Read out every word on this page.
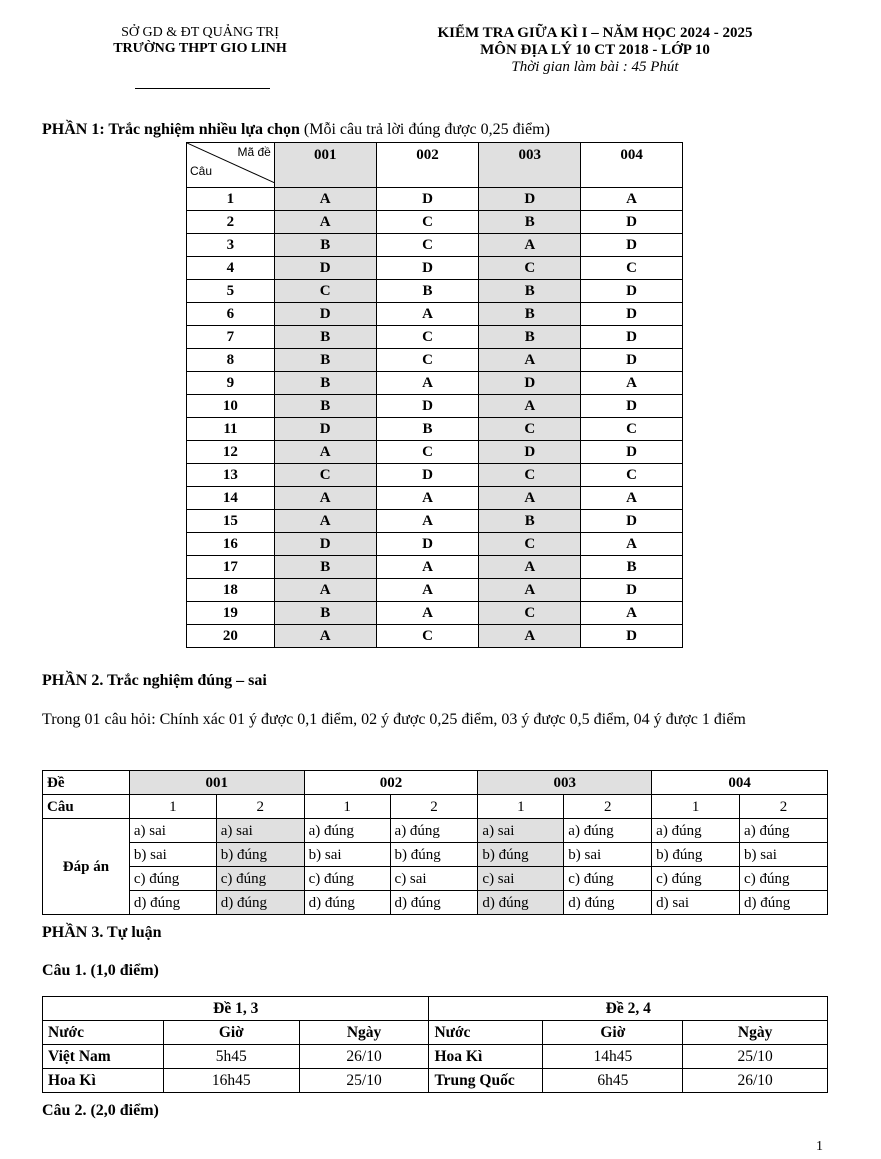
SỞ GD & ĐT QUẢNG TRỊ
TRƯỜNG THPT GIO LINH
KIỂM TRA GIỮA KÌ I – NĂM HỌC 2024 - 2025
MÔN ĐỊA LÝ 10 CT 2018 - LỚP 10
Thời gian làm bài : 45 Phút
PHẦN 1: Trắc nghiệm nhiều lựa chọn (Mỗi câu trả lời đúng được 0,25 điểm)
Mã đề
Câu	001	002	003	004
1	A	D	D	A
2	A	C	B	D
3	B	C	A	D
4	D	D	C	C
5	C	B	B	D
6	D	A	B	D
7	B	C	B	D
8	B	C	A	D
9	B	A	D	A
10	B	D	A	D
11	D	B	C	C
12	A	C	D	D
13	C	D	C	C
14	A	A	A	A
15	A	A	B	D
16	D	D	C	A
17	B	A	A	B
18	A	A	A	D
19	B	A	C	A
20	A	C	A	D
PHẦN 2. Trắc nghiệm đúng – sai
Trong 01 câu hỏi: Chính xác 01 ý được 0,1 điểm, 02 ý được 0,25 điểm, 03 ý được 0,5 điểm, 04 ý được 1 điểm
Đề	001		002		003		004	
Câu	1	2	1	2	1	2	1	2
Đáp án	a) sai	a) sai	a) đúng	a) đúng	a) sai	a) đúng	a) đúng	a) đúng
	b) sai	b) đúng	b) sai	b) đúng	b) đúng	b) sai	b) đúng	b) sai
	c) đúng	c) đúng	c) đúng	c) sai	c) sai	c) đúng	c) đúng	c) đúng
	d) đúng	d) đúng	d) đúng	d) đúng	d) đúng	d) đúng	d) sai	d) đúng
PHẦN 3. Tự luận
Câu 1. (1,0 điểm)
Đề 1, 3			Đề 2, 4		
Nước	Giờ	Ngày	Nước	Giờ	Ngày
Việt Nam	5h45	26/10	Hoa Kì	14h45	25/10
Hoa Kì	16h45	25/10	Trung Quốc	6h45	26/10
Câu 2. (2,0 điểm)
1
